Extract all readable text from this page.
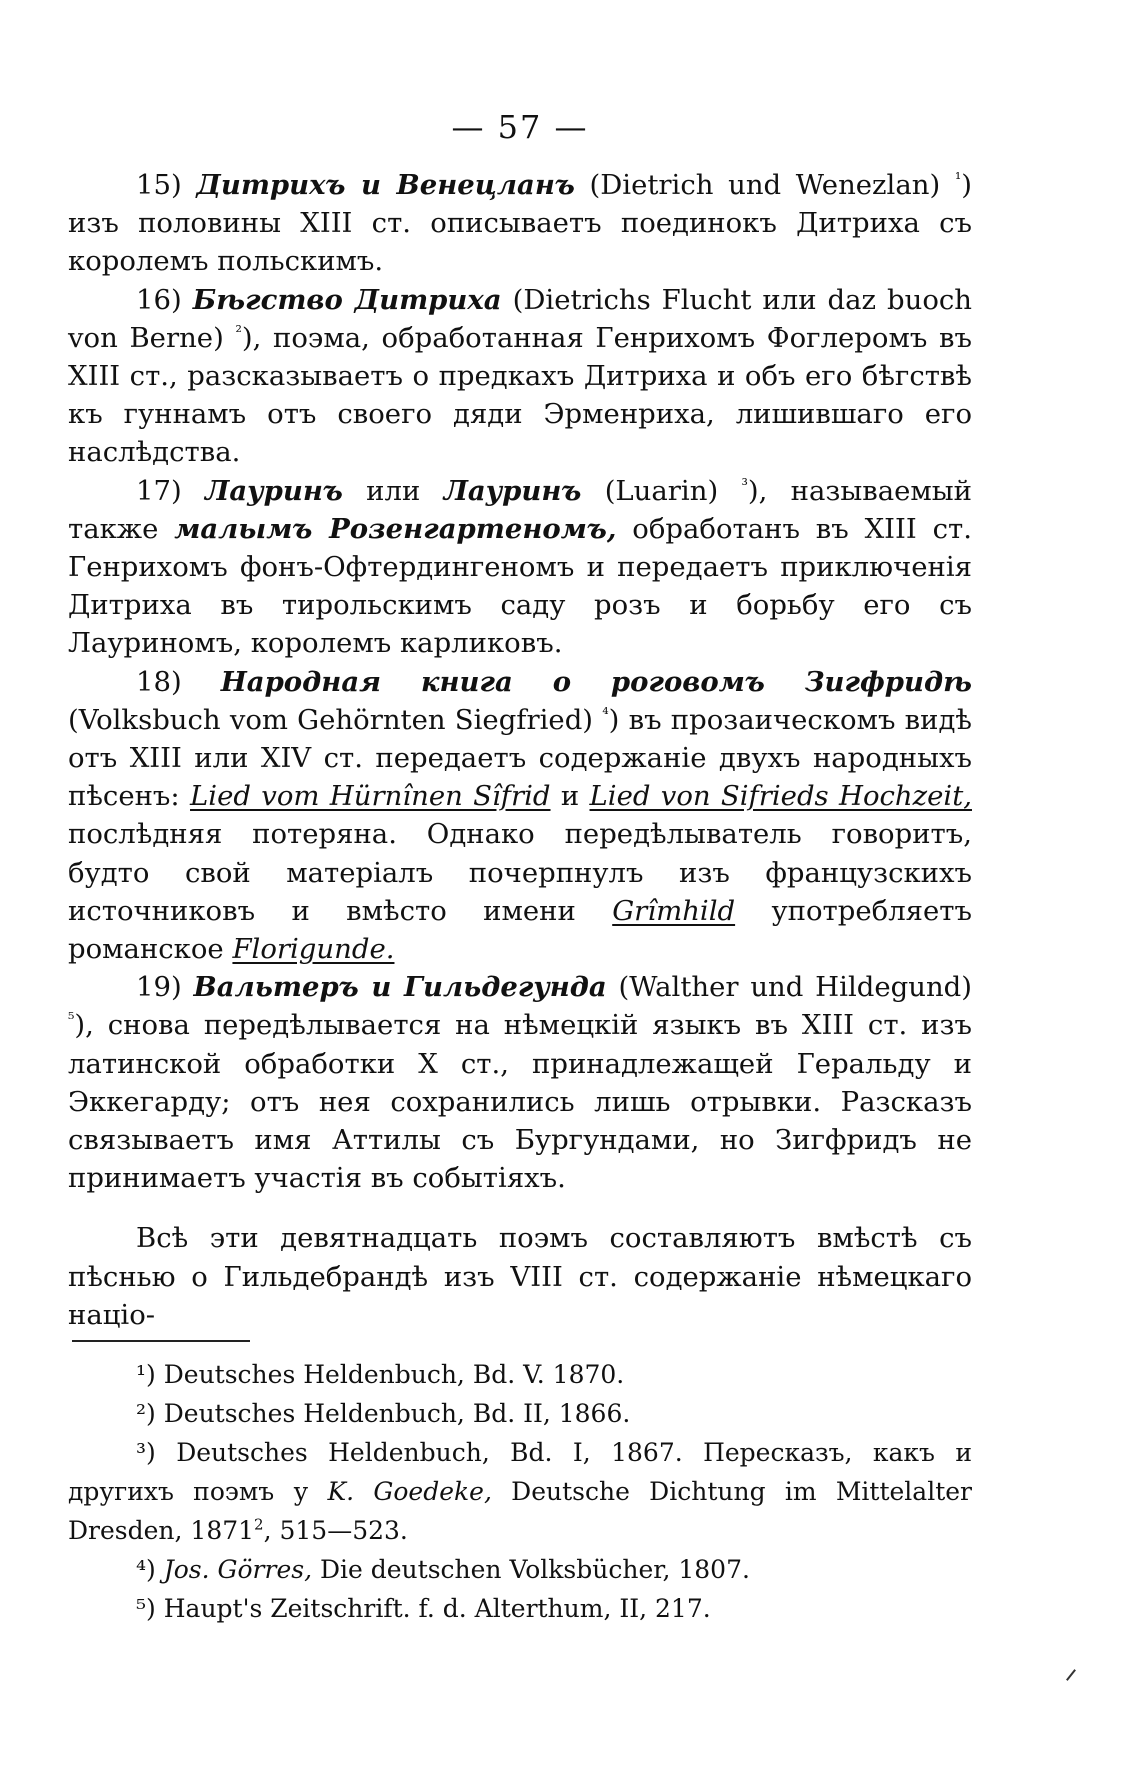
— 57 —

15) Дитрихъ и Венецланъ (Dietrich und Wenezlan) $^{^1}$) изъ половины XIII ст. описываетъ поединокъ Дитриха съ королемъ польскимъ.

16) Бѣгство Дитриха (Dietrichs Flucht или daz buoch von Berne) $^{^2}$), поэма, обработанная Генрихомъ Фоглеромъ въ XIII ст., разсказываетъ о предкахъ Дитриха и объ его бѣгствѣ къ гуннамъ отъ своего дяди Эрменриха, лишившаго его наслѣдства.

17) Лауринъ или Лауринъ (Luarin) $^{^3}$), называемый также малымъ Розенгартеномъ, обработанъ въ XIII ст. Генрихомъ фонъ-Офтердингеномъ и передаетъ приключенія Дитриха въ тирольскимъ саду розъ и борьбу его съ Лауриномъ, королемъ карликовъ.

18) Народная книга о роговомъ Зигфридѣ (Volksbuch vom Gehörnten Siegfried) $^{^4}$) въ прозаическомъ видѣ отъ XIII или XIV ст. передаетъ содержаніе двухъ народныхъ пѣсенъ: Lied vom Hürnînen Sîfrid и Lied von Sifrieds Hochzeit, послѣдняя потеряна. Однако передѣлыватель говоритъ, будто свой матеріалъ почерпнулъ изъ французскихъ источниковъ и вмѣсто имени Grîmhild употребляетъ романское Florigunde.

19) Вальтеръ и Гильдегунда (Walther und Hildegund) $^{^5}$), снова передѣлывается на нѣмецкій языкъ въ XIII ст. изъ латинской обработки X ст., принадлежащей Геральду и Эккегарду; отъ нея сохранились лишь отрывки. Разсказъ связываетъ имя Аттилы съ Бургундами, но Зигфридъ не принимаетъ участія въ событіяхъ.

Всѣ эти девятнадцать поэмъ составляютъ вмѣстѣ съ пѣснью о Гильдебрандѣ изъ VIII ст. содержаніе нѣмецкаго націо-

¹) Deutsches Heldenbuch, Bd. V. 1870.

²) Deutsches Heldenbuch, Bd. II, 1866.

³) Deutsches Heldenbuch, Bd. I, 1867. Пересказъ, какъ и другихъ поэмъ у K. Goedeke, Deutsche Dichtung im Mittelalter Dresden, 1871$^2$, 515—523.

⁴) Jos. Görres, Die deutschen Volksbücher, 1807.

⁵) Haupt's Zeitschrift. f. d. Alterthum, II, 217.
